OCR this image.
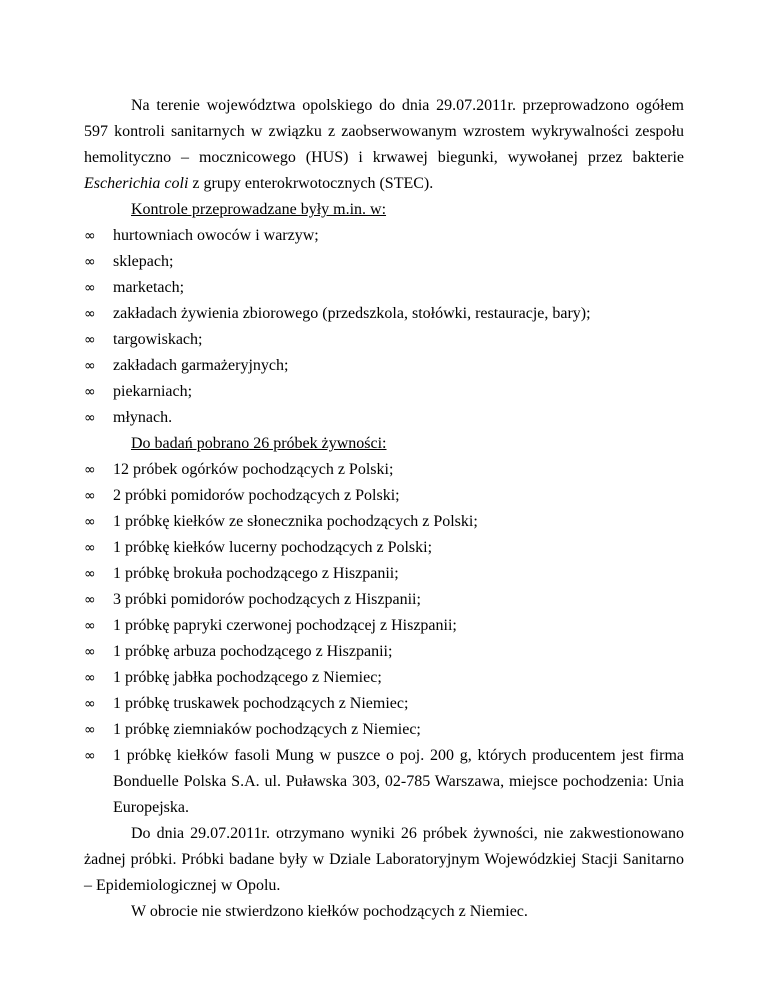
Na terenie województwa opolskiego do dnia 29.07.2011r. przeprowadzono ogółem 597 kontroli sanitarnych w związku z zaobserwowanym wzrostem wykrywalności zespołu hemolityczno – mocznicowego (HUS) i krwawej biegunki, wywołanej przez bakterie Escherichia coli z grupy enterokrwotocznych (STEC).

Kontrole przeprowadzane były m.in. w:

∞	hurtowniach owoców i warzyw;
∞	sklepach;
∞	marketach;
∞	zakładach żywienia zbiorowego (przedszkola, stołówki, restauracje, bary);
∞	targowiskach;
∞	zakładach garmażeryjnych;
∞	piekarniach;
∞	młynach.

Do badań pobrano 26 próbek żywności:

∞	12 próbek ogórków pochodzących z Polski;
∞	2 próbki pomidorów pochodzących z Polski;
∞	1 próbkę kiełków ze słonecznika pochodzących z Polski;
∞	1 próbkę kiełków lucerny pochodzących z Polski;
∞	1 próbkę brokuła pochodzącego z Hiszpanii;
∞	3 próbki pomidorów pochodzących z Hiszpanii;
∞	1 próbkę papryki czerwonej pochodzącej z Hiszpanii;
∞	1 próbkę arbuza pochodzącego z Hiszpanii;
∞	1 próbkę jabłka pochodzącego z Niemiec;
∞	1 próbkę truskawek pochodzących z Niemiec;
∞	1 próbkę ziemniaków pochodzących z Niemiec;
∞	1 próbkę kiełków fasoli Mung w puszce o poj. 200 g, których producentem jest firma Bonduelle Polska S.A. ul. Puławska 303, 02-785 Warszawa, miejsce pochodzenia: Unia Europejska.

Do dnia 29.07.2011r. otrzymano wyniki 26 próbek żywności, nie zakwestionowano żadnej próbki. Próbki badane były w Dziale Laboratoryjnym Wojewódzkiej Stacji Sanitarno – Epidemiologicznej w Opolu.

W obrocie nie stwierdzono kiełków pochodzących z Niemiec.
